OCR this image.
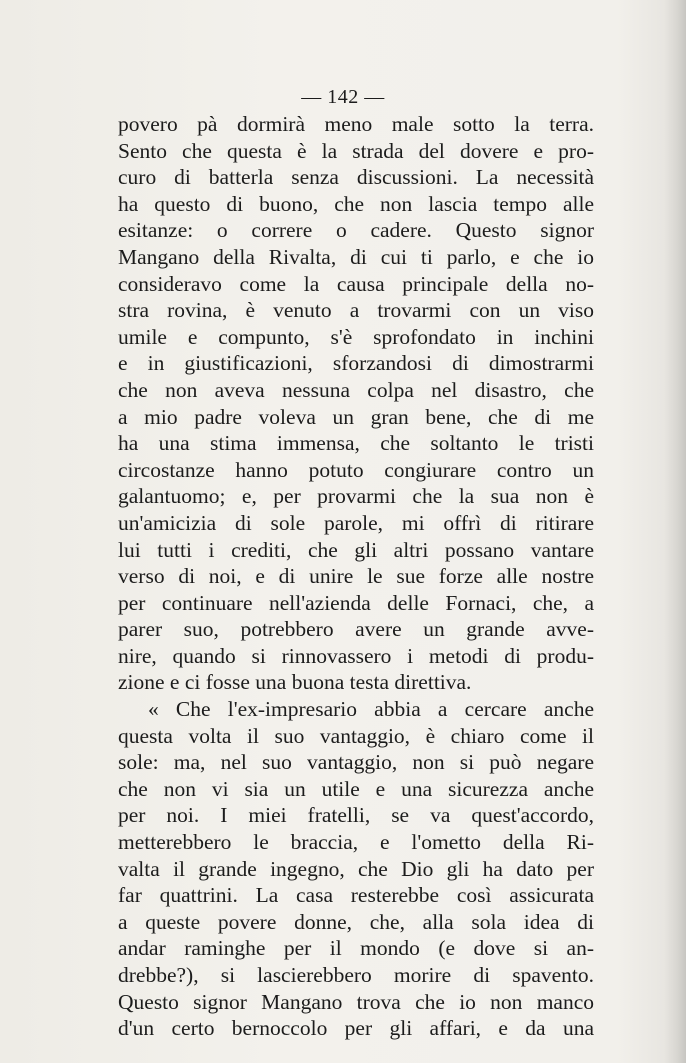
— 142 —
povero pà dormirà meno male sotto la terra.
Sento che questa è la strada del dovere e pro-
curo di batterla senza discussioni. La necessità
ha questo di buono, che non lascia tempo alle
esitanze: o correre o cadere. Questo signor
Mangano della Rivalta, di cui ti parlo, e che io
consideravo come la causa principale della no-
stra rovina, è venuto a trovarmi con un viso
umile e compunto, s'è sprofondato in inchini
e in giustificazioni, sforzandosi di dimostrarmi
che non aveva nessuna colpa nel disastro, che
a mio padre voleva un gran bene, che di me
ha una stima immensa, che soltanto le tristi
circostanze hanno potuto congiurare contro un
galantuomo; e, per provarmi che la sua non è
un'amicizia di sole parole, mi offrì di ritirare
lui tutti i crediti, che gli altri possano vantare
verso di noi, e di unire le sue forze alle nostre
per continuare nell'azienda delle Fornaci, che, a
parer suo, potrebbero avere un grande avve-
nire, quando si rinnovassero i metodi di produ-
zione e ci fosse una buona testa direttiva.
« Che l'ex-impresario abbia a cercare anche
questa volta il suo vantaggio, è chiaro come il
sole: ma, nel suo vantaggio, non si può negare
che non vi sia un utile e una sicurezza anche
per noi. I miei fratelli, se va quest'accordo,
metterebbero le braccia, e l'ometto della Ri-
valta il grande ingegno, che Dio gli ha dato per
far quattrini. La casa resterebbe così assicurata
a queste povere donne, che, alla sola idea di
andar raminghe per il mondo (e dove si an-
drebbe?), si lascierebbero morire di spavento.
Questo signor Mangano trova che io non manco
d'un certo bernoccolo per gli affari, e da una
